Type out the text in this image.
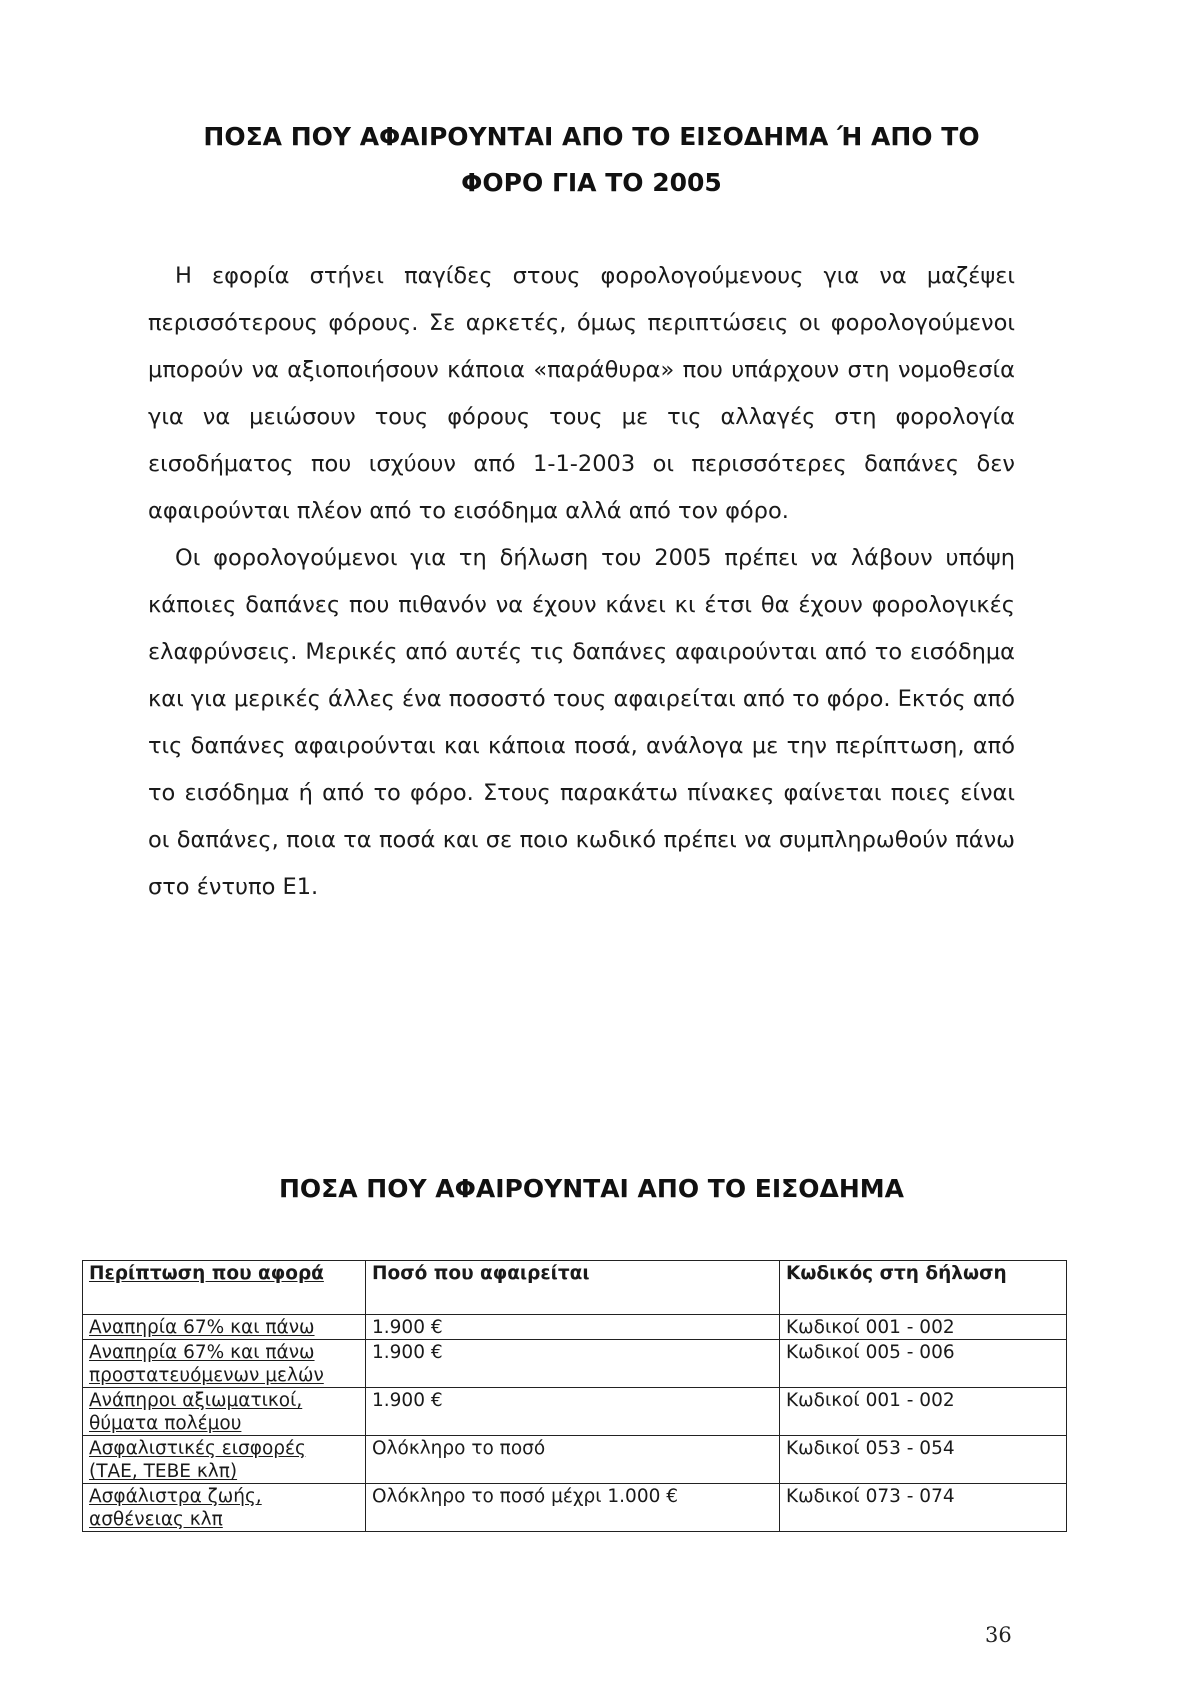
ΠΟΣΑ ΠΟΥ ΑΦΑΙΡΟΥΝΤΑΙ ΑΠΟ ΤΟ ΕΙΣΟΔΗΜΑ Ή ΑΠΟ ΤΟ
ΦΟΡΟ ΓΙΑ ΤΟ 2005

Η εφορία στήνει παγίδες στους φορολογούμενους για να μαζέψει περισσότερους φόρους. Σε αρκετές, όμως περιπτώσεις οι φορολογούμενοι μπορούν να αξιοποιήσουν κάποια «παράθυρα» που υπάρχουν στη νομοθεσία για να μειώσουν τους φόρους τους με τις αλλαγές στη φορολογία εισοδήματος που ισχύουν από 1-1-2003 οι περισσότερες δαπάνες δεν αφαιρούνται πλέον από το εισόδημα αλλά από τον φόρο.

Οι φορολογούμενοι για τη δήλωση του 2005 πρέπει να λάβουν υπόψη κάποιες δαπάνες που πιθανόν να έχουν κάνει κι έτσι θα έχουν φορολογικές ελαφρύνσεις. Μερικές από αυτές τις δαπάνες αφαιρούνται από το εισόδημα και για μερικές άλλες ένα ποσοστό τους αφαιρείται από το φόρο. Εκτός από τις δαπάνες αφαιρούνται και κάποια ποσά, ανάλογα με την περίπτωση, από το εισόδημα ή από το φόρο. Στους παρακάτω πίνακες φαίνεται ποιες είναι οι δαπάνες, ποια τα ποσά και σε ποιο κωδικό πρέπει να συμπληρωθούν πάνω στο έντυπο Ε1.

ΠΟΣΑ ΠΟΥ ΑΦΑΙΡΟΥΝΤΑΙ ΑΠΟ ΤΟ ΕΙΣΟΔΗΜΑ
Περίπτωση που αφορά	Ποσό που αφαιρείται	Κωδικός στη δήλωση
Αναπηρία 67% και πάνω	1.900 €	Κωδικοί 001 - 002
Αναπηρία 67% και πάνω προστατευόμενων μελών	1.900 €	Κωδικοί 005 - 006
Ανάπηροι αξιωματικοί, θύματα πολέμου	1.900 €	Κωδικοί 001 - 002
Ασφαλιστικές εισφορές (ΤΑΕ, ΤΕΒΕ κλπ)	Ολόκληρο το ποσό	Κωδικοί 053 - 054
Ασφάλιστρα ζωής, ασθένειας κλπ	Ολόκληρο το ποσό μέχρι 1.000 €	Κωδικοί 073 - 074
36
